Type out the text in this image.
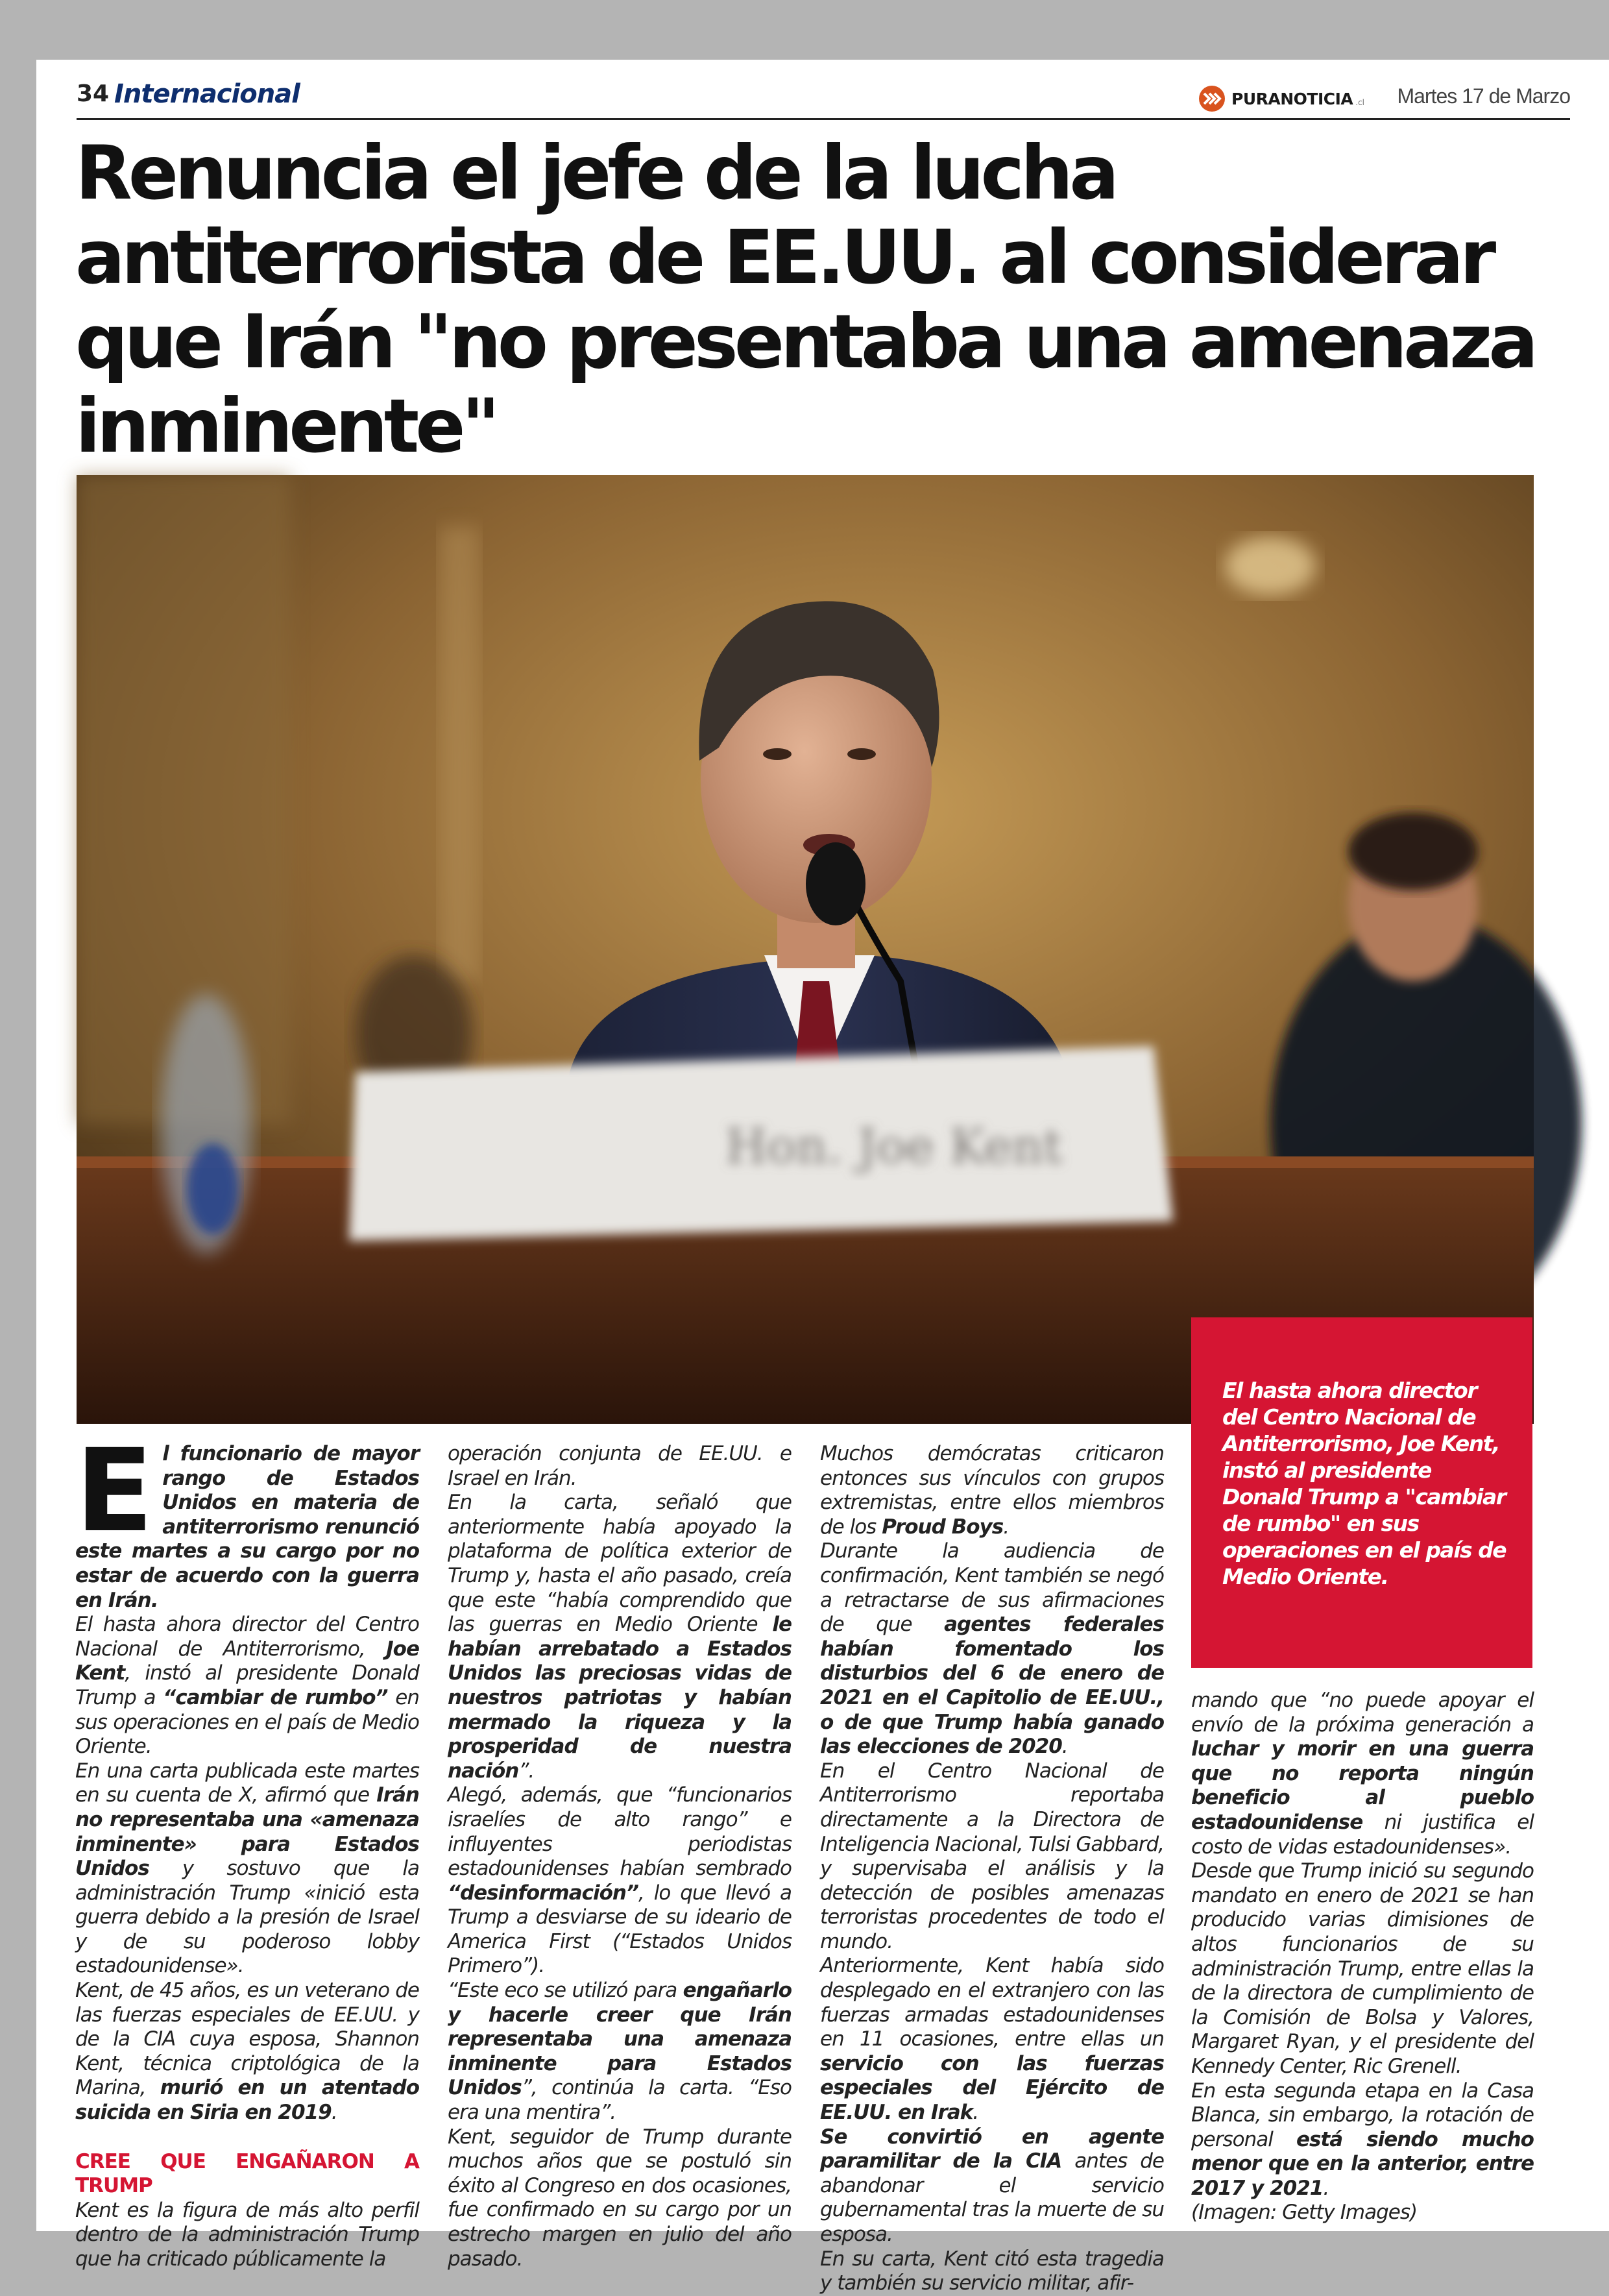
34 Internacional	PURANOTICIA .cl Martes 17 de Marzo
Renuncia el jefe de la lucha antiterrorista de EE.UU. al considerar que Irán "no presentaba una amenaza inminente"
Hon. Joe Kent

El hasta ahora director del Centro Nacional de Antiterrorismo, Joe Kent, instó al presidente Donald Trump a "cambiar de rumbo" en sus operaciones en el país de Medio Oriente.

E l funcionario de mayor rango de Estados Unidos en materia de antiterrorismo renunció este martes a su cargo por no estar de acuerdo con la guerra en Irán.

El hasta ahora director del Centro Nacional de Antiterrorismo, Joe Kent, instó al presidente Donald Trump a “cambiar de rumbo” en sus operaciones en el país de Medio Oriente.

En una carta publicada este martes en su cuenta de X, afirmó que Irán no representaba una «amenaza inminente» para Estados Unidos y sostuvo que la administración Trump «inició esta guerra debido a la presión de Israel y de su poderoso lobby estadounidense».

Kent, de 45 años, es un veterano de las fuerzas especiales de EE.UU. y de la CIA cuya esposa, Shannon Kent, técnica criptológica de la Marina, murió en un atentado suicida en Siria en 2019.

CREE QUE ENGAÑARON A TRUMP

Kent es la figura de más alto perfil dentro de la administración Trump que ha criticado públicamente la

operación conjunta de EE.UU. e Israel en Irán.

En la carta, señaló que anteriormente había apoyado la plataforma de política exterior de Trump y, hasta el año pasado, creía que este “había comprendido que las guerras en Medio Oriente le habían arrebatado a Estados Unidos las preciosas vidas de nuestros patriotas y habían mermado la riqueza y la prosperidad de nuestra nación”.

Alegó, además, que “funcionarios israelíes de alto rango” e influyentes periodistas estadounidenses habían sembrado “desinformación”, lo que llevó a Trump a desviarse de su ideario de America First (“Estados Unidos Primero”).

“Este eco se utilizó para engañarlo y hacerle creer que Irán representaba una amenaza inminente para Estados Unidos”, continúa la carta. “Eso era una mentira”.

Kent, seguidor de Trump durante muchos años que se postuló sin éxito al Congreso en dos ocasiones, fue confirmado en su cargo por un estrecho margen en julio del año pasado.

Muchos demócratas criticaron entonces sus vínculos con grupos extremistas, entre ellos miembros de los Proud Boys.

Durante la audiencia de confirmación, Kent también se negó a retractarse de sus afirmaciones de que agentes federales habían fomentado los disturbios del 6 de enero de 2021 en el Capitolio de EE.UU., o de que Trump había ganado las elecciones de 2020.

En el Centro Nacional de Antiterrorismo reportaba directamente a la Directora de Inteligencia Nacional, Tulsi Gabbard, y supervisaba el análisis y la detección de posibles amenazas terroristas procedentes de todo el mundo.

Anteriormente, Kent había sido desplegado en el extranjero con las fuerzas armadas estadounidenses en 11 ocasiones, entre ellas un servicio con las fuerzas especiales del Ejército de EE.UU. en Irak.

Se convirtió en agente paramilitar de la CIA antes de abandonar el servicio gubernamental tras la muerte de su esposa.

En su carta, Kent citó esta tragedia y también su servicio militar, afir-

mando que “no puede apoyar el envío de la próxima generación a luchar y morir en una guerra que no reporta ningún beneficio al pueblo estadounidense ni justifica el costo de vidas estadounidenses».

Desde que Trump inició su segundo mandato en enero de 2021 se han producido varias dimisiones de altos funcionarios de su administración Trump, entre ellas la de la directora de cumplimiento de la Comisión de Bolsa y Valores, Margaret Ryan, y el presidente del Kennedy Center, Ric Grenell.

En esta segunda etapa en la Casa Blanca, sin embargo, la rotación de personal está siendo mucho menor que en la anterior, entre 2017 y 2021.

(Imagen: Getty Images)
